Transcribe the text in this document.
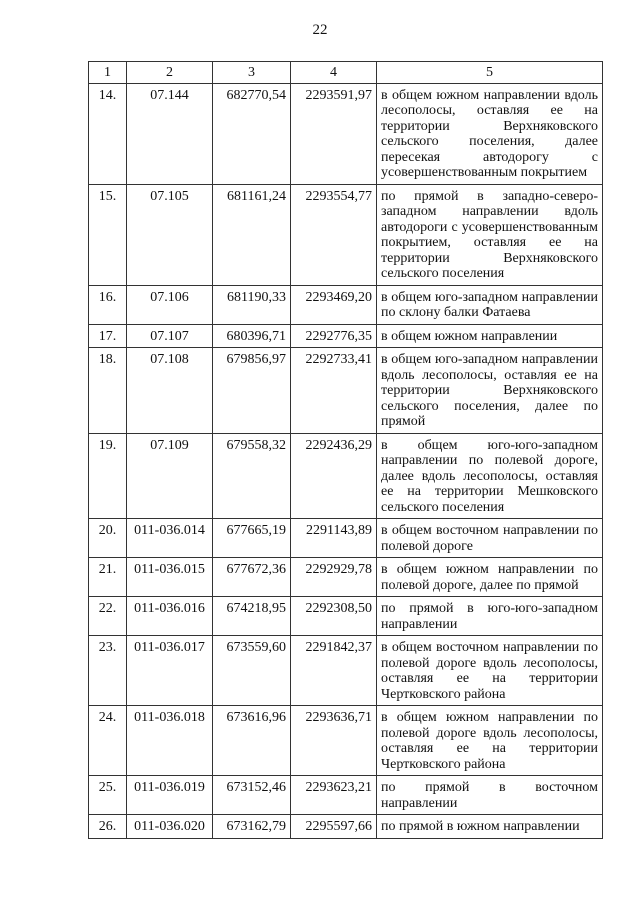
22
1	2	3	4	5
14.	07.144	682770,54	2293591,97	в общем южном направлении вдоль лесополосы, оставляя ее на территории Верхняковского сельского поселения, далее пересекая автодорогу с усовершенствованным покрытием
15.	07.105	681161,24	2293554,77	по прямой в западно-северо-западном направлении вдоль автодороги с усовершенствованным покрытием, оставляя ее на территории Верхняковского сельского поселения
16.	07.106	681190,33	2293469,20	в общем юго-западном направлении по склону балки Фатаева
17.	07.107	680396,71	2292776,35	в общем южном направлении
18.	07.108	679856,97	2292733,41	в общем юго-западном направлении вдоль лесополосы, оставляя ее на территории Верхняковского сельского поселения, далее по прямой
19.	07.109	679558,32	2292436,29	в общем юго-юго-западном направлении по полевой дороге, далее вдоль лесополосы, оставляя ее на территории Мешковского сельского поселения
20.	011-036.014	677665,19	2291143,89	в общем восточном направлении по полевой дороге
21.	011-036.015	677672,36	2292929,78	в общем южном направлении по полевой дороге, далее по прямой
22.	011-036.016	674218,95	2292308,50	по прямой в юго-юго-западном направлении
23.	011-036.017	673559,60	2291842,37	в общем восточном направлении по полевой дороге вдоль лесополосы, оставляя ее на территории Чертковского района
24.	011-036.018	673616,96	2293636,71	в общем южном направлении по полевой дороге вдоль лесополосы, оставляя ее на территории Чертковского района
25.	011-036.019	673152,46	2293623,21	по прямой в восточном направлении
26.	011-036.020	673162,79	2295597,66	по прямой в южном направлении
